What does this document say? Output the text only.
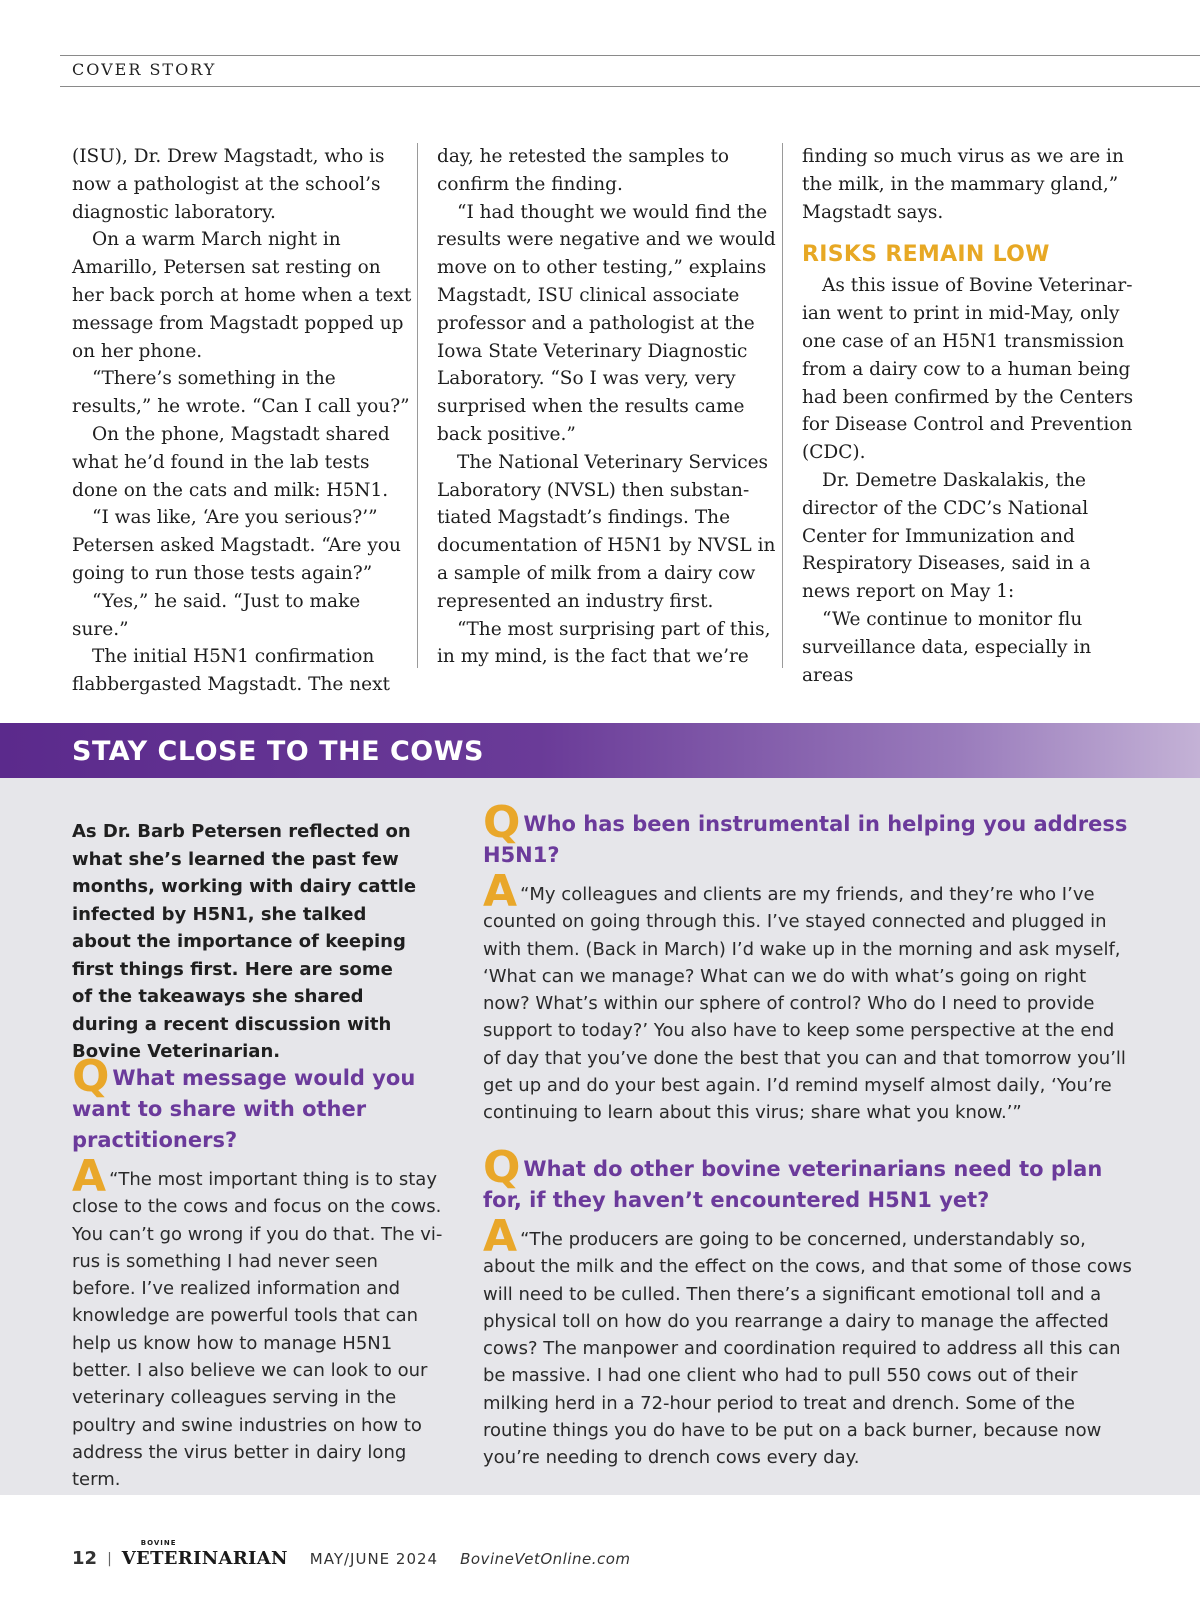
COVER STORY

(ISU), Dr. Drew Magstadt, who is now a pathologist at the school’s diagnostic laboratory.

On a warm March night in Amarillo, Petersen sat resting on her back porch at home when a text message from Magstadt popped up on her phone.

“There’s something in the results,” he wrote. “Can I call you?”

On the phone, Magstadt shared what he’d found in the lab tests done on the cats and milk: H5N1.

“I was like, ‘Are you serious?’” Petersen asked Magstadt. “Are you going to run those tests again?”

“Yes,” he said. “Just to make sure.”

The initial H5N1 confirmation flabbergasted Magstadt. The next

day, he retested the samples to confirm the finding.

“I had thought we would find the results were negative and we would move on to other testing,” explains Magstadt, ISU clinical associate professor and a pathologist at the Iowa State Veterinary Diagnostic Laboratory. “So I was very, very surprised when the results came back positive.”

The National Veterinary Services Laboratory (NVSL) then substantiated Magstadt’s findings. The documentation of H5N1 by NVSL in a sample of milk from a dairy cow represented an industry first.

“The most surprising part of this, in my mind, is the fact that we’re

finding so much virus as we are in the milk, in the mammary gland,” Magstadt says.

RISKS REMAIN LOW

As this issue of Bovine Veterinarian went to print in mid-May, only one case of an H5N1 transmission from a dairy cow to a human being had been confirmed by the Centers for Disease Control and Prevention (CDC).

Dr. Demetre Daskalakis, the director of the CDC’s National Center for Immunization and Respiratory Diseases, said in a news report on May 1:

“We continue to monitor flu surveillance data, especially in areas

STAY CLOSE TO THE COWS
As Dr. Barb Petersen reflected on what she’s learned the past few months, working with dairy cattle infected by H5N1, she talked about the importance of keeping first things first. Here are some of the takeaways she shared during a recent discussion with Bovine Veterinarian.

Q What message would you want to share with other practitioners?

A “The most important thing is to stay close to the cows and focus on the cows. You can’t go wrong if you do that. The virus is something I had never seen before. I’ve realized information and knowledge are powerful tools that can help us know how to manage H5N1 better. I also believe we can look to our veterinary colleagues serving in the poultry and swine industries on how to address the virus better in dairy long term.

Q Who has been instrumental in helping you address H5N1?

A “My colleagues and clients are my friends, and they’re who I’ve counted on going through this. I’ve stayed connected and plugged in with them. (Back in March) I’d wake up in the morning and ask myself, ‘What can we manage? What can we do with what’s going on right now? What’s within our sphere of control? Who do I need to provide support to today?’ You also have to keep some perspective at the end of day that you’ve done the best that you can and that tomorrow you’ll get up and do your best again. I’d remind myself almost daily, ‘You’re continuing to learn about this virus; share what you know.’”

Q What do other bovine veterinarians need to plan for, if they haven’t encountered H5N1 yet?

A “The producers are going to be concerned, understandably so, about the milk and the effect on the cows, and that some of those cows will need to be culled. Then there’s a significant emotional toll and a physical toll on how do you rearrange a dairy to manage the affected cows? The manpower and coordination required to address all this can be massive. I had one client who had to pull 550 cows out of their milking herd in a 72-hour period to treat and drench. Some of the routine things you do have to be put on a back burner, because now you’re needing to drench cows every day.

12 |
BOVINE
VETERINARIAN MAY/JUNE 2024 BovineVetOnline.com
